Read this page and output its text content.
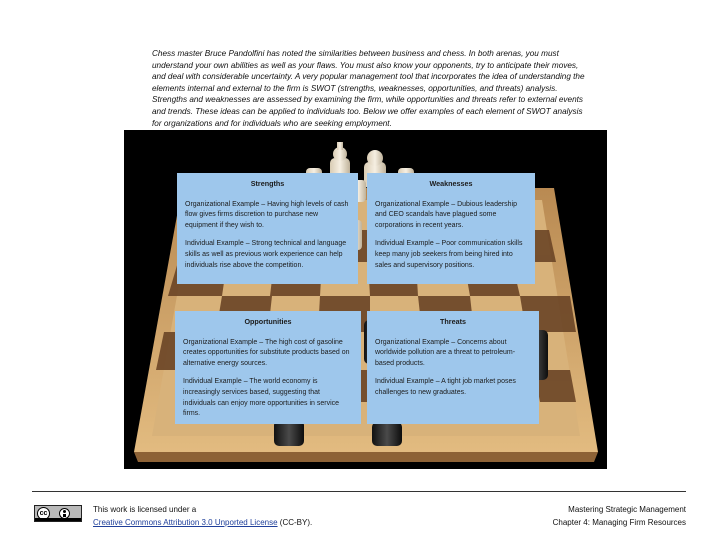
Chess master Bruce Pandolfini has noted the similarities between business and chess. In both arenas, you must understand your own abilities as well as your flaws. You must also know your opponents, try to anticipate their moves, and deal with considerable uncertainty. A very popular management tool that incorporates the idea of understanding the elements internal and external to the firm is SWOT (strengths, weaknesses, opportunities, and threats) analysis. Strengths and weaknesses are assessed by examining the firm, while opportunities and threats refer to external events and trends. These ideas can be applied to individuals too. Below we offer examples of each element of SWOT analysis for organizations and for individuals who are seeking employment.
Strengths

Organizational Example – Having high levels of cash flow gives firms discretion to purchase new equipment if they wish to.

Individual Example – Strong technical and language skills as well as previous work experience can help individuals rise above the competition.

Weaknesses

Organizational Example – Dubious leadership and CEO scandals have plagued some corporations in recent years.

Individual Example – Poor communication skills keep many job seekers from being hired into sales and supervisory positions.

Opportunities

Organizational Example – The high cost of gasoline creates opportunities for substitute products based on alternative energy sources.

Individual Example – The world economy is increasingly services based, suggesting that individuals can enjoy more opportunities in service firms.

Threats

Organizational Example – Concerns about worldwide pollution are a threat to petroleum-based products.

Individual Example – A tight job market poses challenges to new graduates.

cc	This work is licensed under a
Creative Commons Attribution 3.0 Unported License (CC-BY).
Mastering Strategic Management
Chapter 4: Managing Firm Resources
